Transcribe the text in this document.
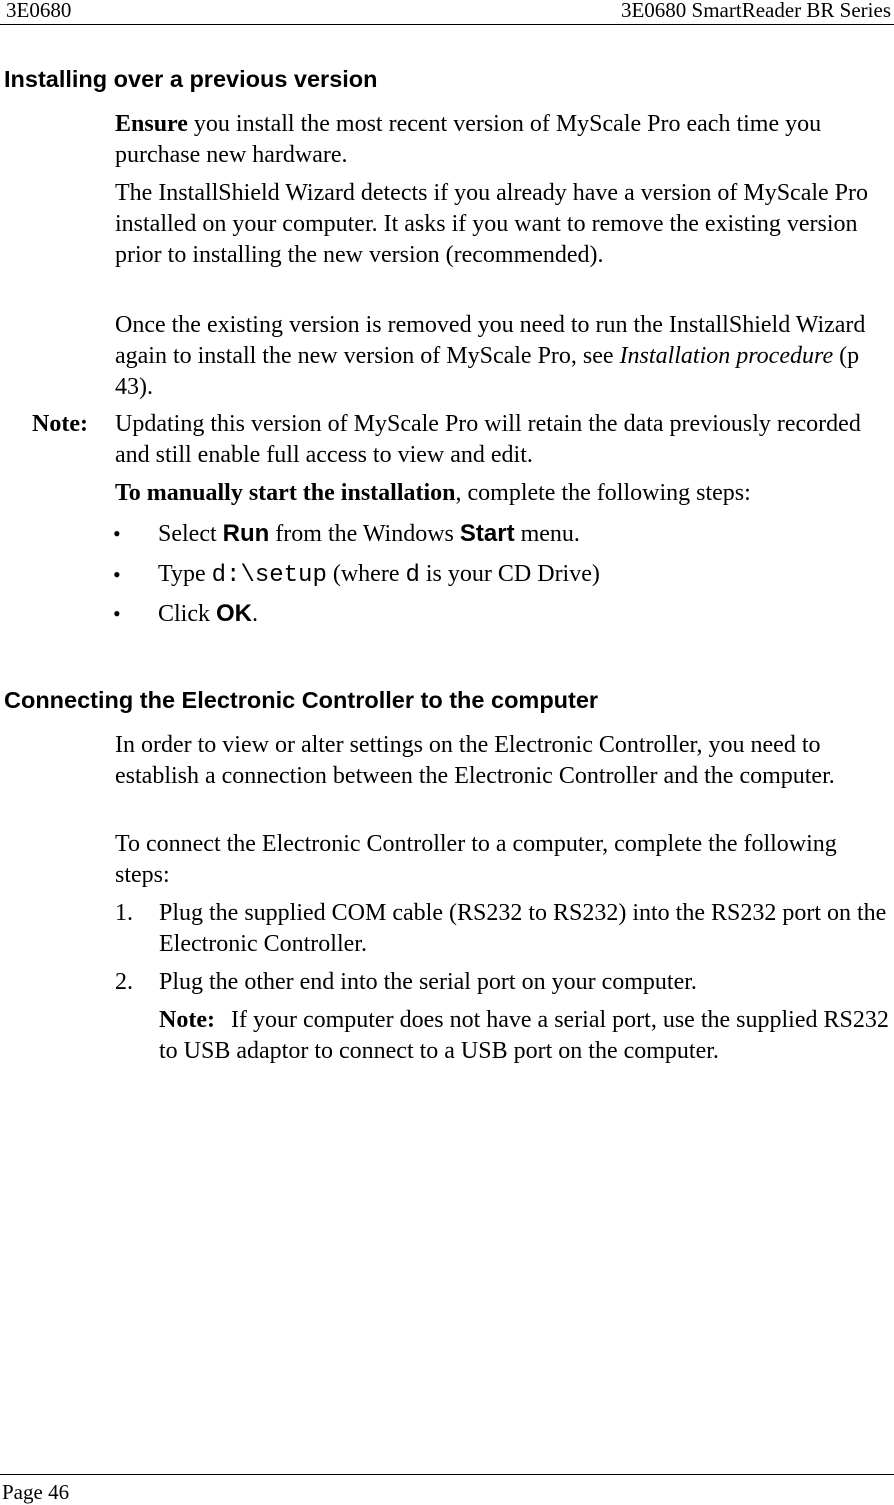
3E0680	3E0680 SmartReader BR Series
Installing over a previous version

Ensure you install the most recent version of MyScale Pro each time you purchase new hardware.

The InstallShield Wizard detects if you already have a version of MyScale Pro installed on your computer. It asks if you want to remove the existing version prior to installing the new version (recommended).

Once the existing version is removed you need to run the InstallShield Wizard again to install the new version of MyScale Pro, see Installation procedure (p 43).

Note: Updating this version of MyScale Pro will retain the data previously recorded and still enable full access to view and edit.

To manually start the installation, complete the following steps:

• Select Run from the Windows Start menu.
• Type d:\setup (where d is your CD Drive)
• Click OK.
Connecting the Electronic Controller to the computer

In order to view or alter settings on the Electronic Controller, you need to establish a connection between the Electronic Controller and the computer.

To connect the Electronic Controller to a computer, complete the following steps:

1. Plug the supplied COM cable (RS232 to RS232) into the RS232 port on the Electronic Controller.

2. Plug the other end into the serial port on your computer.

Note: If your computer does not have a serial port, use the supplied RS232 to USB adaptor to connect to a USB port on the computer.

Page 46
